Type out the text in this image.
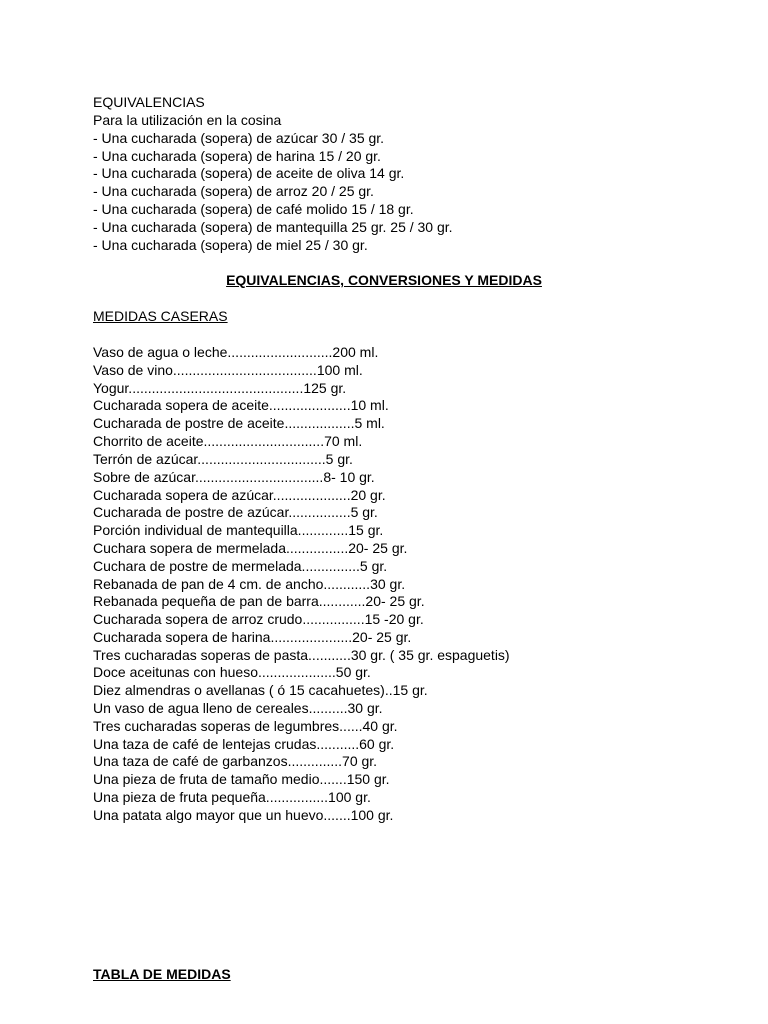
EQUIVALENCIAS
Para la utilización en la cosina
- Una cucharada (sopera) de azúcar 30 / 35 gr.
- Una cucharada (sopera) de harina 15 / 20 gr.
- Una cucharada (sopera) de aceite de oliva 14 gr.
- Una cucharada (sopera) de arroz 20 / 25 gr.
- Una cucharada (sopera) de café molido 15 / 18 gr.
- Una cucharada (sopera) de mantequilla 25 gr. 25 / 30 gr.
- Una cucharada (sopera) de miel 25 / 30 gr.
EQUIVALENCIAS, CONVERSIONES Y MEDIDAS
MEDIDAS CASERAS
Vaso de agua o leche...........................200 ml.
Vaso de vino.....................................100 ml.
Yogur.............................................125 gr.
Cucharada sopera de aceite.....................10 ml.
Cucharada de postre de aceite..................5 ml.
Chorrito de aceite...............................70 ml.
Terrón de azúcar.................................5 gr.
Sobre de azúcar.................................8- 10 gr.
Cucharada sopera de azúcar....................20 gr.
Cucharada de postre de azúcar................5 gr.
Porción individual de mantequilla.............15 gr.
Cuchara sopera de mermelada................20- 25 gr.
Cuchara de postre de mermelada...............5 gr.
Rebanada de pan de 4 cm. de ancho............30 gr.
Rebanada pequeña de pan de barra............20- 25 gr.
Cucharada sopera de arroz crudo................15 -20 gr.
Cucharada sopera de harina.....................20- 25 gr.
Tres cucharadas soperas de pasta...........30 gr. ( 35 gr. espaguetis)
Doce aceitunas con hueso....................50 gr.
Diez almendras o avellanas ( ó 15 cacahuetes)..15 gr.
Un vaso de agua lleno de cereales..........30 gr.
Tres cucharadas soperas de legumbres......40 gr.
Una taza de café de lentejas crudas...........60 gr.
Una taza de café de garbanzos..............70 gr.
Una pieza de fruta de tamaño medio.......150 gr.
Una pieza de fruta pequeña................100 gr.
Una patata algo mayor que un huevo.......100 gr.
TABLA DE MEDIDAS
